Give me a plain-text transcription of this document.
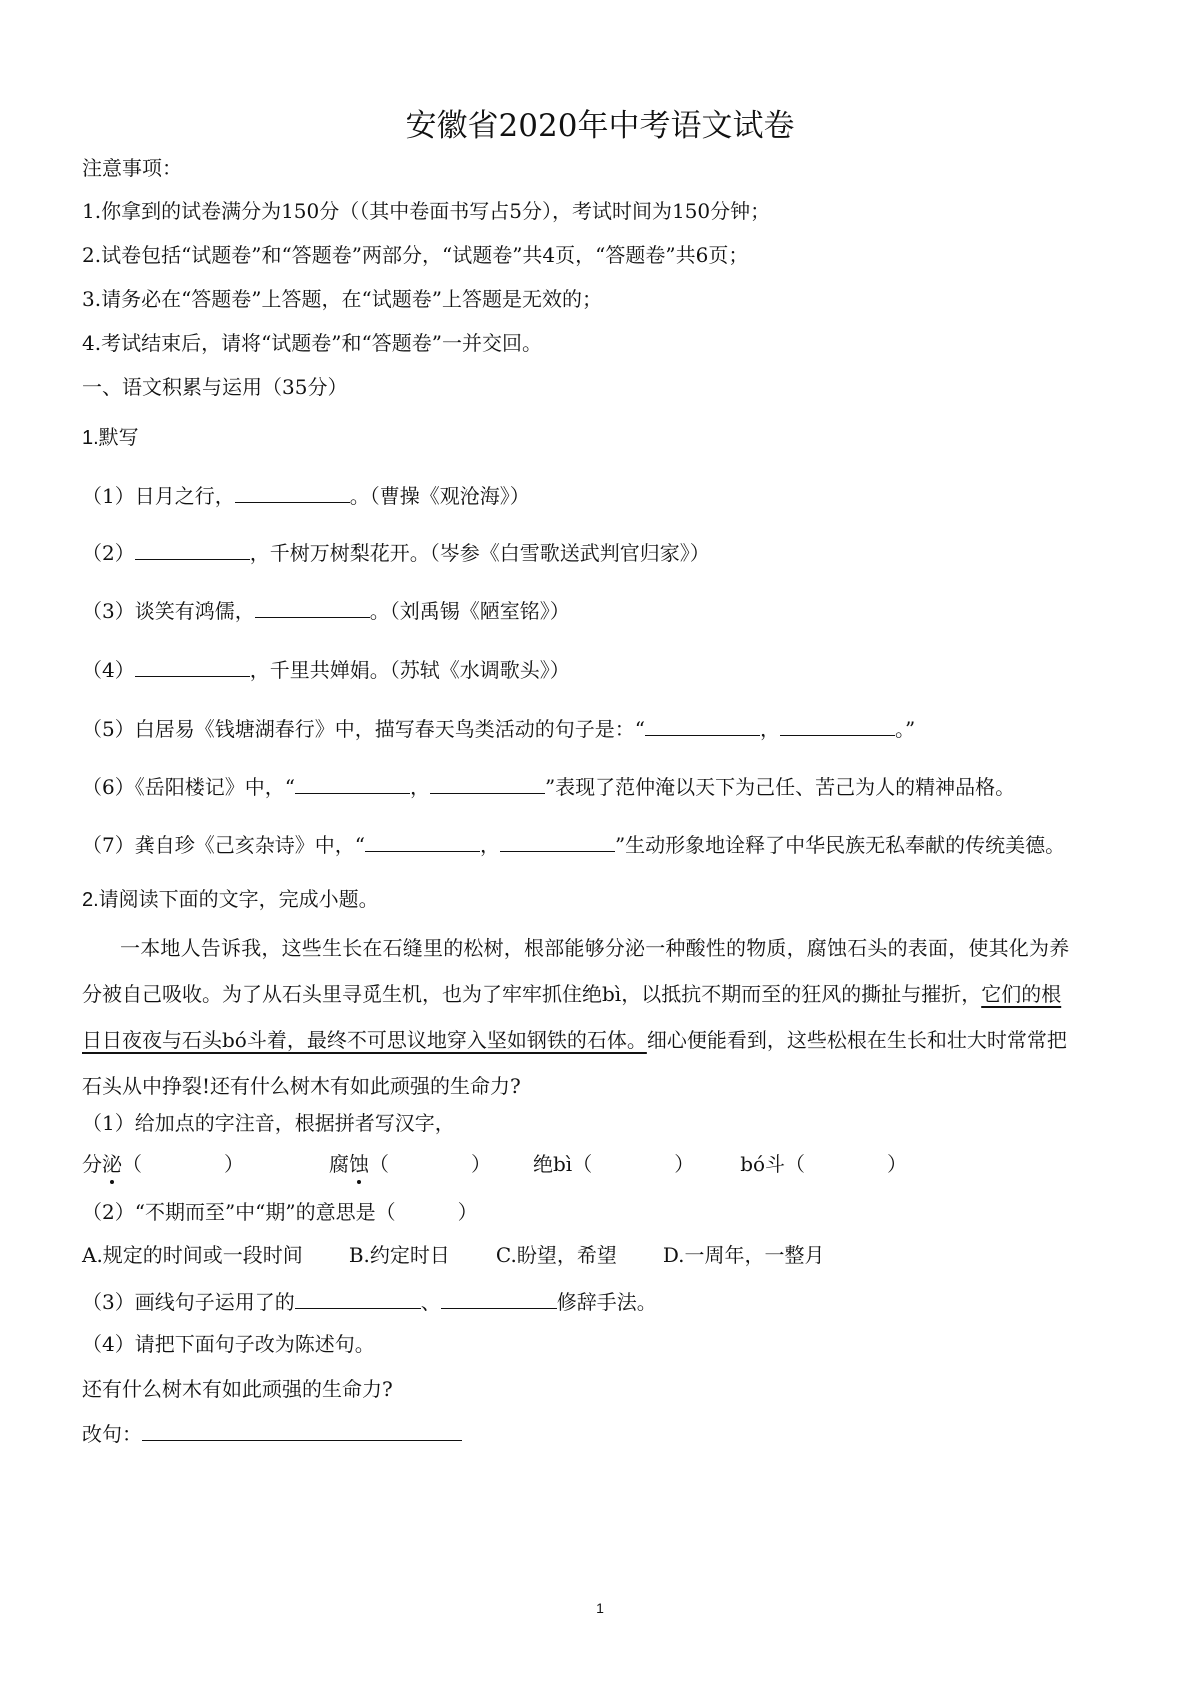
安徽省2020年中考语文试卷
注意事项：
1.你拿到的试卷满分为150分（（其中卷面书写占5分），考试时间为150分钟；
2.试卷包括“试题卷”和“答题卷”两部分，“试题卷”共4页，“答题卷”共6页；
3.请务必在“答题卷”上答题，在“试题卷”上答题是无效的；
4.考试结束后，请将“试题卷”和“答题卷”一并交回。
一、语文积累与运用（35分）
1.默写
（1）日月之行，	。（曹操《观沧海》）
（2）	，千树万树梨花开。（岑参《白雪歌送武判官归家》）
（3）谈笑有鸿儒，	。（刘禹锡《陋室铭》）
（4）	，千里共婵娟。（苏轼《水调歌头》）
（5）白居易《钱塘湖春行》中，描写春天鸟类活动的句子是：“	，	。”
（6）《岳阳楼记》中，“	，	”表现了范仲淹以天下为己任、苦己为人的精神品格。
（7）龚自珍《己亥杂诗》中，“	，	”生动形象地诠释了中华民族无私奉献的传统美德。
2.请阅读下面的文字，完成小题。
一本地人告诉我，这些生长在石缝里的松树，根部能够分泌一种酸性的物质，腐蚀石头的表面，使其化为养
分被自己吸收。为了从石头里寻觅生机，也为了牢牢抓住绝bì，以抵抗不期而至的狂风的撕扯与摧折，它们的根
日日夜夜与石头bó斗着，最终不可思议地穿入坚如钢铁的石体。细心便能看到，这些松根在生长和壮大时常常把
石头从中挣裂!还有什么树木有如此顽强的生命力?
（1）给加点的字注音，根据拼者写汉字，
分泌（	）	腐蚀（	） 绝bì（	） bó斗（	）
（2）“不期而至”中“期”的意思是（	）
A.规定的时间或一段时间 B.约定时日 C.盼望，希望 D.一周年，一整月
（3）画线句子运用了的	、	修辞手法。
（4）请把下面句子改为陈述句。
还有什么树木有如此顽强的生命力?
改句：
1
